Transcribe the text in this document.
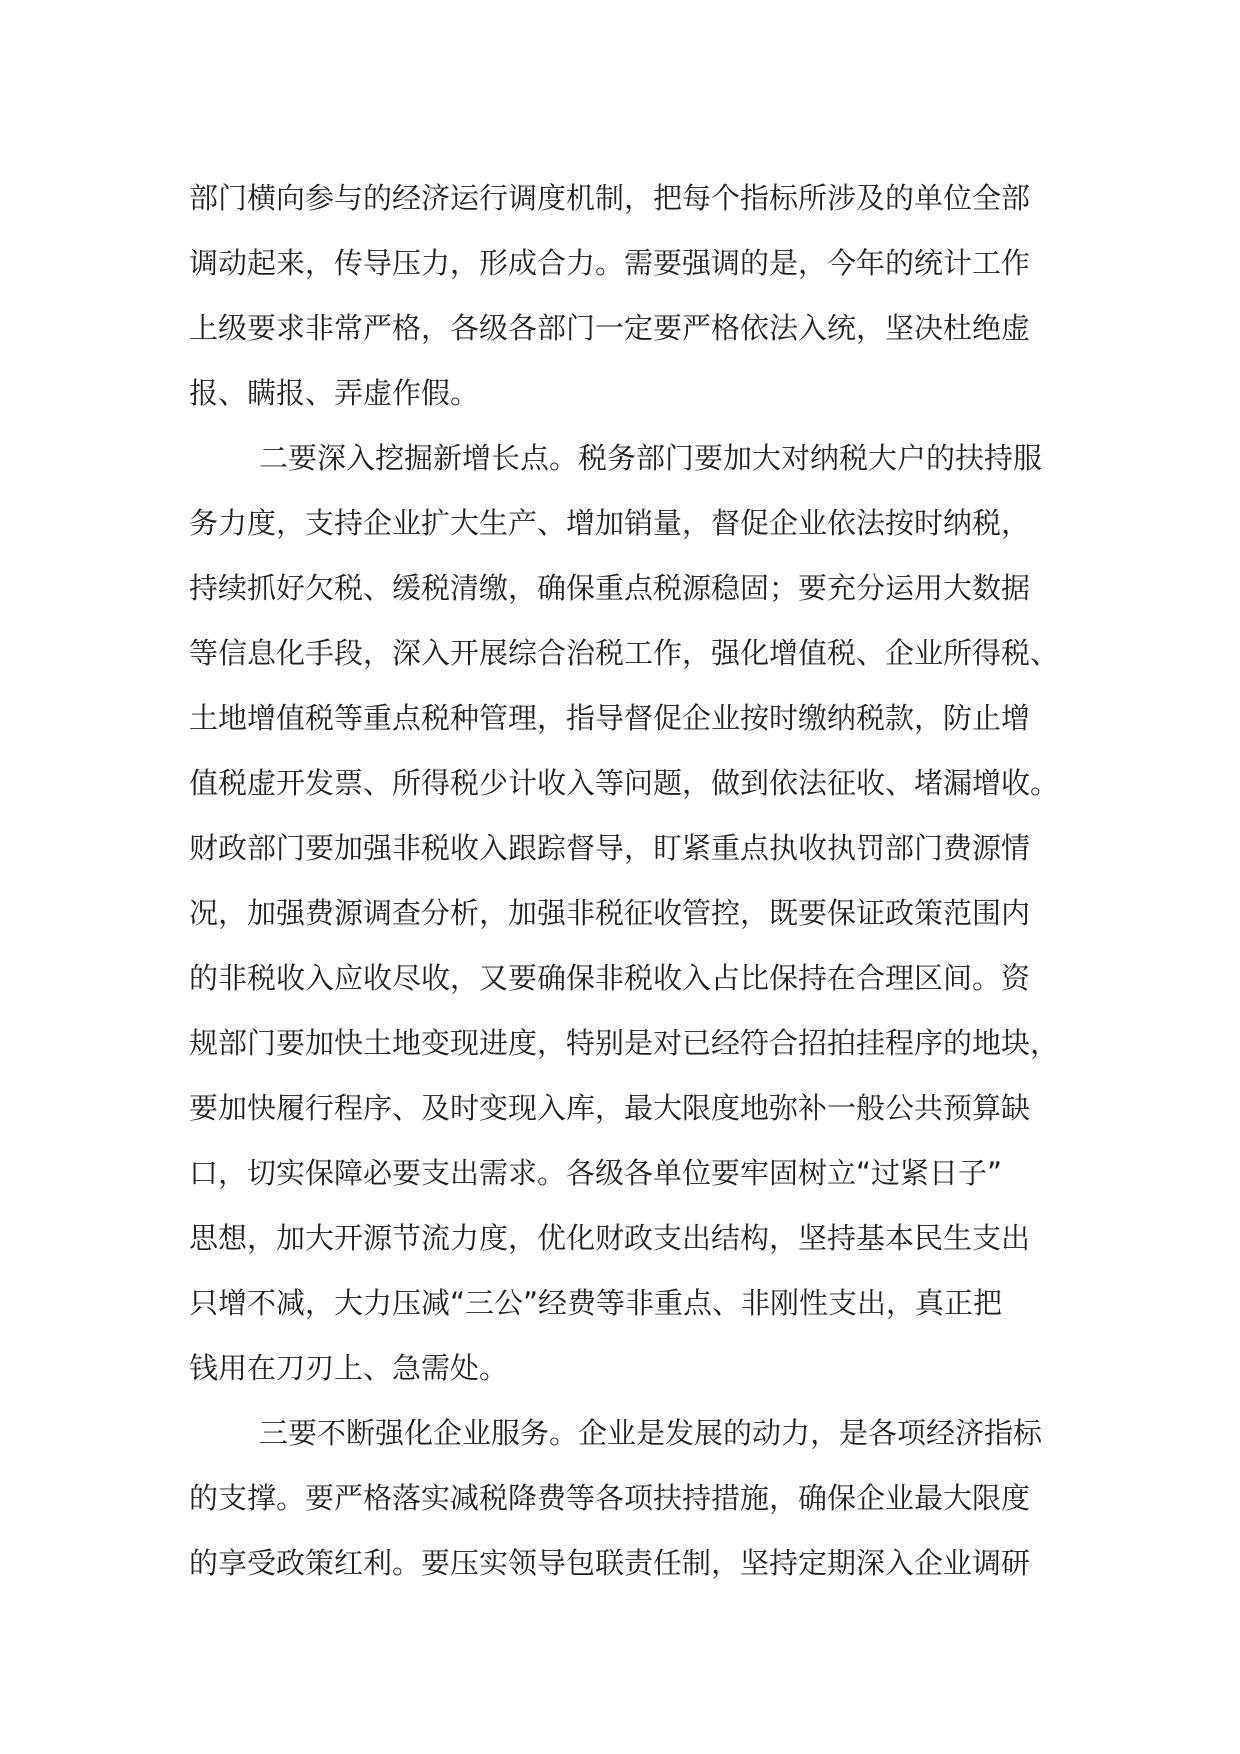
部门横向参与的经济运行调度机制，把每个指标所涉及的单位全部
调动起来，传导压力，形成合力。需要强调的是，今年的统计工作
上级要求非常严格，各级各部门一定要严格依法入统，坚决杜绝虚
报、瞒报、弄虚作假。

二要深入挖掘新增长点。税务部门要加大对纳税大户的扶持服
务力度，支持企业扩大生产、增加销量，督促企业依法按时纳税，
持续抓好欠税、缓税清缴，确保重点税源稳固；要充分运用大数据
等信息化手段，深入开展综合治税工作，强化增值税、企业所得税、
土地增值税等重点税种管理，指导督促企业按时缴纳税款，防止增
值税虚开发票、所得税少计收入等问题，做到依法征收、堵漏增收。
财政部门要加强非税收入跟踪督导，盯紧重点执收执罚部门费源情
况，加强费源调查分析，加强非税征收管控，既要保证政策范围内
的非税收入应收尽收，又要确保非税收入占比保持在合理区间。资
规部门要加快土地变现进度，特别是对已经符合招拍挂程序的地块，
要加快履行程序、及时变现入库，最大限度地弥补一般公共预算缺
口，切实保障必要支出需求。各级各单位要牢固树立“过紧日子”
思想，加大开源节流力度，优化财政支出结构，坚持基本民生支出
只增不减，大力压减“三公”经费等非重点、非刚性支出，真正把
钱用在刀刃上、急需处。

三要不断强化企业服务。企业是发展的动力，是各项经济指标
的支撑。要严格落实减税降费等各项扶持措施，确保企业最大限度
的享受政策红利。要压实领导包联责任制，坚持定期深入企业调研
